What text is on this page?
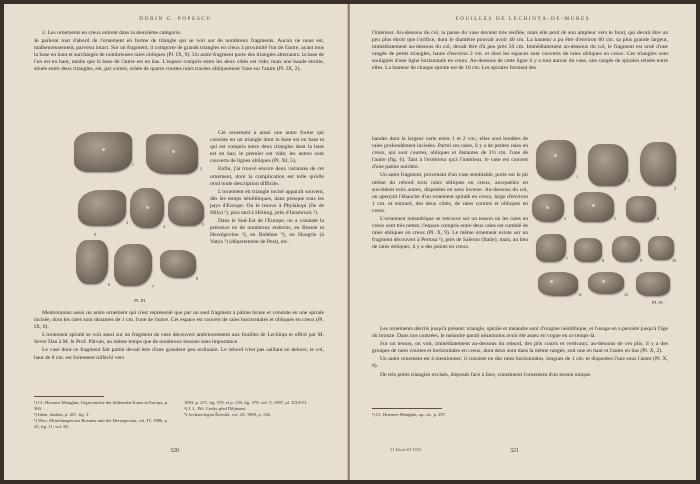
DORIN G. POPESCU

2. Les ornements en creux entrent dans la deuxième catégorie.

Je parlerai tout d'abord de l'ornement en forme de triangle qui se voit sur de nombreux fragments. Aucun ne nous est, malheureusement, parvenu intact. Sur un fragment, il comporte de grands triangles en creux à proximité l'un de l'autre, ayant tous la base en haut et surchargés de nombreuses raies obliques (Pl. IX, 9). Un autre fragment porte des triangles alternants: la base de l'un est en haut, tandis que la base de l'autre est en bas. L'espace compris entre les deux côtés est vide; mais une bande étroite, située entre deux triangles, est, par contre, ornée de quatre courtes raies tracées obliquement l'une sur l'autre (Pl. IX, 2).

Cet ornement a aussi une autre forme qui consiste en un triangle dont la base est en haut et qui est compris entre deux triangles dont la base est en bas; le premier est vide; les autres sont couverts de lignes obliques (Pl. XI, 5).

Enfin, j'ai trouvé encore deux variantes de cet ornement, dont la complication est telle qu'elle rend toute description difficile.

L'ornement en triangle incisé apparaît souvent, dès les temps néolithiques, dans presque tous les pays d'Europe. On le trouve à Phylakopi (île de Milo) ¹), plus tard à Hötting, près d'Innsbruck ²).

Dans le Sud-Est de l'Europe, on a constaté la présence en de nombreux endroits, en Bosnie et Herzégovine ³), en Bohême ⁴), en Hongrie (à Vatya ⁵) (département de Pest), etc.

1
2
3
4	5
6	7
8
9
Pl. III.

Mentionnons aussi un autre ornement qui n'est représenté que par un seul fragment à pâtine brune et consiste en une spirale incisée, dont les raies sont distantes de 1 cm. l'une de l'autre. Cet espace est couvert de raies horizontales et obliques en creux (Pl. IX, 6).

L'ornement spiralé se voit aussi sur un fragment de vase découvert antérieurement aux fouilles de Lechința et offert par M. Sever Dan à M. le Prof. Pârvan, au même temps que de nombreux tessons sans importance.

Le vase dont ce fragment fait partie devait être d'une grandeur peu ordinaire. Le rebord n'est pas saillant en dehors; le col, haut de 8 cm. est fortement infléchi vers

¹) Cf. Hoernes-Menghin, Urgeschichte der bildenden Kunst in Europa, p. 369.
²) Idem, ibidem, p. 437, fig. 3.
³) Wiss. Mitteilungen aus Bosnien und der Herzegovina, vol. IV, 1896, p. 45, fig. 11; vol. III,
1893, p. 237, fig. 370, et p. 158, fig. 379; vol. V, 1897, pl. XXXVI.
⁴) J. L. Pič: Cechy před Dějinami.
⁵) Archaeologiai Értesítő, vol. 29, 1909, p. 136.
320
FOUILLES DE LECHINȚA-DE-MUREȘ

l'intérieur. Au-dessous du col, la panse du vase devient très renflée, mais elle perd de son ampleur vers le fond, qui devait être un peu plus étroit que l'orifice, dont le diamètre pouvait avoir 40 cm. La hauteur a pu être d'environ 60 cm. sa plus grande largeur, immédiatement au-dessous du col, devait être d'à peu près 50 cm. Immédiatement au-dessous du col, le fragment est orné d'une rangée de petits triangles, hauts d'environ 2 cm. et dont les espaces sont couverts de raies obliques en creux. Ces triangles sont soulignés d'une ligne horizontale en creux. Au-dessous de cette ligne il y a tout autour du vase, une rangée de spirales reliées entre elles. La hauteur de chaque spirale est de 10 cm. Les spirales forment des

bandes dont la largeur varie entre 1 et 2 cm.; elles sont bordées de raies profondément incisées. Parmi ces raies, il y a de petites raies en creux, qui sont courtes, obliques et distantes de 1½ cm. l'une de l'autre (fig. 6). Tant à l'extérieur qu'à l'intérieur, le vase est couvert d'une patine noirâtre.

Un autre fragment, provenant d'un vase semblable, porte sur le pli même du rebord trois raies obliques en creux, auxquelles en succèdent trois autres, disposées en sens inverse. Au-dessous du col, on aperçoit l'ébauche d'un ornement spiralé en creux, large d'environ 1 cm. et entouré, des deux côtés, de raies courtes et obliques en creux.

L'ornement méandrique se retrouve sur un tesson où les raies en creux sont très nettes; l'espace compris entre deux raies est comblé de raies obliques en creux (Pl. X, 9). Le même ornement existe sur un fragment découvert à Pertosa ¹), près de Salerno (Italie), mais, au lieu de raies obliques, il y a des points en creux.

1
2
3
4	5	6
7	8	9	10
11	12
Pl. IV.

Les ornements décrits jusqu'à présent: triangle, spirale et méandre sont d'origine néolithique, et l'usage en a persisté jusqu'à l'âge du bronze. Dans nos contrées, le méandre paraît néanmoins avoir été assez en vogue en ce temps-là.

Sur un tesson, on voit, immédiatement au-dessous du rebord, des plis courts et verticaux; au-dessous de ces plis, il y a des groupes de raies courtes et horizontales en creux, dont deux sont dans la même rangée, soit une en haut et l'autre en bas (Pl. X, 2).

Un autre ornement est à mentionner; il consiste en des raies horizontales, longues de 1 cm. et disposées l'une sous l'autre (Pl. X, 8).

De très petits triangles excisés, disposés face à face, constituent l'ornement d'un tesson unique.

¹) Cf. Hoernes-Menghin, op. cit., p. 297.
21 Dacia III 1933	321
